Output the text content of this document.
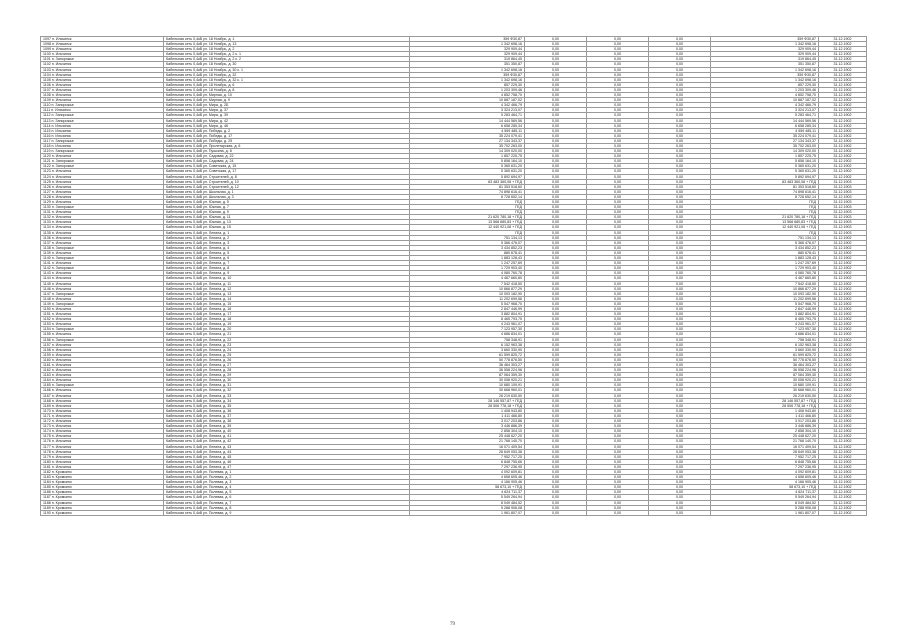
1097 п. Ильчинск	Кабельная сеть 0,4кВ ул. 18 Ноябрь, д. 1	359 Ф30,87	0,00	0,00	0,00	359 Ф30,87	31.12.1902
1098 п. Ильчинск	Кабельная сеть 0,4кВ ул. 18 Ноябрь, д. 13	1 342 698,16	0,00	0,00	0,00	1 342 698,16	31.12.1902
1099 п. Ильчинск	Кабельная сеть 0,4кВ ул. 18 Ноябрь, д. 2	329 909,44	0,00	0,00	0,00	329 909,44	31.12.1902
1100 п. Ильчинск	Кабельная сеть 0,4кВ ул. 18 Ноябрь, д. 2 к. 1	329 909,44	0,00	0,00	0,00	329 909,44	31.12.1902
1101 п. Запорожье	Кабельная сеть 0,4кВ ул. 18 Ноябрь, д. 2 к. 2	319 864,45	0,00	0,00	0,00	319 864,45	31.12.1902
1102 п. Ильчинск	Кабельная сеть 0,4кВ ул. 18 Ноябрь, д. 30	351 350,87	0,00	0,00	0,00	351 350,87	31.12.1902
1103 п. Ильчинск	Кабельная сеть 0,4кВ ул. 18 Ноябрь, д. 30 к. 1	1 342 698,16	0,00	0,00	0,00	1 342 698,16	31.12.1902
1104 п. Ильчинск	Кабельная сеть 0,4кВ ул. 18 Ноябрь, д. 32	359 Ф30,87	0,00	0,00	0,00	359 Ф30,87	31.12.1902
1105 п. Ильчинск	Кабельная сеть 0,4кВ ул. 18 Ноябрь, д. 32 к. 1	1 342 698,16	0,00	0,00	0,00	1 342 698,16	31.12.1902
1106 п. Ильчинск	Кабельная сеть 0,4кВ ул. 18 Ноябрь, д. 6	857 229,30	0,00	0,00	0,00	857 229,30	31.12.1902
1107 п. Ильчинск	Кабельная сеть 0,4кВ ул. 18 Ноябрь, д. 8	1 203 309,46	0,00	0,00	0,00	1 203 309,46	31.12.1902
1108 п. Ильчинск	Кабельная сеть 0,4кВ ул. Мирная, д. 10	4 852 758,70	0,00	0,00	0,00	4 852 758,70	31.12.1902
1109 п. Ильчинск	Кабельная сеть 0,4кВ ул. Мирная, д. 9	10 887 187,02	0,00	0,00	0,00	10 887 187,02	31.12.1902
1110 п. Запорожье	Кабельная сеть 0,4кВ ул. Мира, д. 2Б	4 342 466,79	0,00	0,00	0,00	4 342 466,79	31.12.1902
1111 п. Ильчинск	Кабельная сеть 0,4кВ ул. Мира, д. 37	3 324 213,07	0,00	0,00	0,00	3 324 213,07	31.12.1902
1112 п. Запорожье	Кабельная сеть 0,4кВ ул. Мира, д. 39	5 283 464,71	0,00	0,00	0,00	5 283 464,71	31.12.1902
1113 п. Запорожье	Кабельная сеть 0,4кВ ул. Мира, д. 42	14 444 569,56	0,00	0,00	0,00	14 444 569,56	31.12.1902
1114 п. Ильчинск	Кабельная сеть 0,4кВ ул. Мира, д. 46	6 658 285,34	0,00	0,00	0,00	6 658 285,34	31.12.1902
1115 п. Ильчинск	Кабельная сеть 0,4кВ ул. Победы, д. 2	4 559 485,11	0,00	0,00	0,00	4 559 485,11	31.12.1902
1116 п. Ильчинск	Кабельная сеть 0,4кВ ул. Победы, д. 17	35 224 079,41	0,00	0,00	0,00	35 224 079,41	31.12.1902
1117 п. Запорожье	Кабельная сеть 0,4кВ ул. Победы, д. 25	27 134 343,37	0,00	0,00	0,00	27 134 343,37	31.12.1902
1118 п. Ильчинск	Кабельная сеть 0,4кВ ул. Пролетарская, д. 6	35 702 263,00	0,00	0,00	0,00	35 702 263,00	31.12.1902
1119 п. Запорожье	Кабельная сеть 0,4кВ ул. Пушкина, д. 8	14 309 020,00	0,00	0,00	0,00	14 309 020,00	31.12.1902
1120 п. Ильчинск	Кабельная сеть 0,4кВ ул. Садовая, д. 22	1 857 225,75	0,00	0,00	0,00	1 857 225,75	31.12.1902
1121 п. Запорожье	Кабельная сеть 0,4кВ ул. Садовая, д. 24	5 858 164,10	0,00	0,00	0,00	5 858 164,10	31.12.1902
1122 п. Запорожье	Кабельная сеть 0,4кВ ул. Советская, д. 15	5 365 631,20	0,00	0,00	0,00	5 365 631,20	31.12.1902
1123 п. Ильчинск	Кабельная сеть 0,4кВ ул. Советская, д. 17	5 365 631,20	0,00	0,00	0,00	5 365 631,20	31.12.1902
1124 п. Ильчинск	Кабельная сеть 0,4кВ ул. Строителей, д. 8	5 892 694,97	0,00	0,00	0,00	5 892 694,97	31.12.1902
1125 п. Ильчинск	Кабельная сеть 0,4кВ ул. Строителей, д. 10	83 483 360,08 + ГЕД	0,00	0,00	0,00	83 483 360,08 + ГЕД	31.12.1903
1126 п. Ильчинск	Кабельная сеть 0,4кВ ул. Строителей, д. 12	81 353 518,60	0,00	0,00	0,00	81 353 518,60	31.12.1903
1127 п. Ильчинск	Кабельная сеть 0,4кВ ул. Школьная, д. 1	74 898 616,41	0,00	0,00	0,00	74 898 616,41	31.12.1903
1128 п. Ильчинск	Кабельная сеть 0,4кВ ул. Школьная, д. 3	8 728 652,14	0,00	0,00	0,00	8 728 652,14	31.12.1903
1129 п. Ильчинск	Кабельная сеть 0,4кВ ул. Южная, д. 5	ГЕД	0,00	0,00	0,00	ГЕД	31.12.1903
1130 п. Запорожье	Кабельная сеть 0,4кВ ул. Южная, д. 7	ГЕД	0,00	0,00	0,00	ГЕД	31.12.1903
1131 п. Ильчинск	Кабельная сеть 0,4кВ ул. Южная, д. 9	ГЕД	0,00	0,00	0,00	ГЕД	31.12.1903
1132 п. Ильчинск	Кабельная сеть 0,4кВ ул. Южная, д. 11	21 620 780,18 + ГЕД	0,00	0,00	0,00	21 620 780,18 + ГЕД	31.12.1903
1133 п. Ильчинск	Кабельная сеть 0,4кВ ул. Южная, д. 13	13 568 680,83 + ГЕД	0,00	0,00	0,00	13 568 680,83 + ГЕД	31.12.1903
1134 п. Ильчинск	Кабельная сеть 0,4кВ ул. Южная, д. 15	12 440 921,08 + ГЕД	0,00	0,00	0,00	12 440 921,08 + ГЕД	31.12.1903
1135 п. Ильчинск	Кабельная сеть 0,4кВ ул. Ленина, д. 1	ГЕД	0,00	0,00	0,00	ГЕД	31.12.1903
1136 п. Ильчинск	Кабельная сеть 0,4кВ ул. Ленина, д. 2	751 134,13	0,00	0,00	0,00	751 134,13	31.12.1902
1137 п. Ильчинск	Кабельная сеть 0,4кВ ул. Ленина, д. 3	5 366 476,07	0,00	0,00	0,00	5 366 476,07	31.12.1902
1138 п. Запорожье	Кабельная сеть 0,4кВ ул. Ленина, д. 4	3 434 852,23	0,00	0,00	0,00	3 434 852,23	31.12.1902
1139 п. Ильчинск	Кабельная сеть 0,4кВ ул. Ленина, д. 5	880 678,41	0,00	0,00	0,00	880 678,41	31.12.1902
1140 п. Запорожье	Кабельная сеть 0,4кВ ул. Ленина, д. 6	1 883 128,43	0,00	0,00	0,00	1 883 128,43	31.12.1902
1141 п. Ильчинск	Кабельная сеть 0,4кВ ул. Ленина, д. 7	1 247 257,69	0,00	0,00	0,00	1 247 257,69	31.12.1902
1142 п. Запорожье	Кабельная сеть 0,4кВ ул. Ленина, д. 8	1 729 903,40	0,00	0,00	0,00	1 729 903,40	31.12.1902
1143 п. Ильчинск	Кабельная сеть 0,4кВ ул. Ленина, д. 9	4 080 760,78	0,00	0,00	0,00	4 080 760,78	31.12.1902
1144 п. Ильчинск	Кабельная сеть 0,4кВ ул. Ленина, д. 10	4 467 660,80	0,00	0,00	0,00	4 467 660,80	31.12.1902
1145 п. Ильчинск	Кабельная сеть 0,4кВ ул. Ленина, д. 11	7 542 418,50	0,00	0,00	0,00	7 542 418,50	31.12.1902
1146 п. Ильчинск	Кабельная сеть 0,4кВ ул. Ленина, д. 12	10 866 877,29	0,00	0,00	0,00	10 866 877,29	31.12.1902
1147 п. Запорожье	Кабельная сеть 0,4кВ ул. Ленина, д. 13	10 093 182,90	0,00	0,00	0,00	10 093 182,90	31.12.1902
1148 п. Ильчинск	Кабельная сеть 0,4кВ ул. Ленина, д. 14	11 202 699,56	0,00	0,00	0,00	11 202 699,56	31.12.1902
1149 п. Запорожье	Кабельная сеть 0,4кВ ул. Ленина, д. 15	5 547 968,70	0,00	0,00	0,00	5 547 968,70	31.12.1902
1150 п. Ильчинск	Кабельная сеть 0,4кВ ул. Ленина, д. 16	2 847 446,99	0,00	0,00	0,00	2 847 446,99	31.12.1902
1151 п. Ильчинск	Кабельная сеть 0,4кВ ул. Ленина, д. 17	3 882 804,91	0,00	0,00	0,00	3 882 804,91	31.12.1902
1152 п. Ильчинск	Кабельная сеть 0,4кВ ул. Ленина, д. 18	8 465 793,75	0,00	0,00	0,00	8 465 793,75	31.12.1902
1153 п. Ильчинск	Кабельная сеть 0,4кВ ул. Ленина, д. 19	4 243 961,07	0,00	0,00	0,00	4 243 961,07	31.12.1902
1154 п. Запорожье	Кабельная сеть 0,4кВ ул. Ленина, д. 20	7 123 957,30	0,00	0,00	0,00	7 123 957,30	31.12.1902
1155 п. Ильчинск	Кабельная сеть 0,4кВ ул. Ленина, д. 21	4 686 834,01	0,00	0,00	0,00	4 686 834,01	31.12.1902
1156 п. Запорожье	Кабельная сеть 0,4кВ ул. Ленина, д. 22	758 348,91	0,00	0,00	0,00	758 348,91	31.12.1902
1157 п. Ильчинск	Кабельная сеть 0,4кВ ул. Ленина, д. 23	6 152 963,38	0,00	0,00	0,00	6 152 963,38	31.12.1902
1158 п. Ильчинск	Кабельная сеть 0,4кВ ул. Ленина, д. 24	3 660 330,90	0,00	0,00	0,00	3 660 330,90	31.12.1902
1159 п. Ильчинск	Кабельная сеть 0,4кВ ул. Ленина, д. 25	61 599 825,72	0,00	0,00	0,00	61 599 825,72	31.12.1902
1160 п. Ильчинск	Кабельная сеть 0,4кВ ул. Ленина, д. 26	50 778 876,50	0,00	0,00	0,00	50 778 876,50	31.12.1902
1161 п. Ильчинск	Кабельная сеть 0,4кВ ул. Ленина, д. 27	36 464 303,27	0,00	0,00	0,00	36 464 303,27	31.12.1902
1162 п. Ильчинск	Кабельная сеть 0,4кВ ул. Ленина, д. 28	36 558 224,96	0,00	0,00	0,00	36 558 224,96	31.12.1902
1163 п. Ильчинск	Кабельная сеть 0,4кВ ул. Ленина, д. 29	87 064 359,30	0,00	0,00	0,00	87 064 359,30	31.12.1902
1164 п. Ильчинск	Кабельная сеть 0,4кВ ул. Ленина, д. 30	30 058 920,21	0,00	0,00	0,00	30 058 920,21	31.12.1902
1165 п. Запорожье	Кабельная сеть 0,4кВ ул. Ленина, д. 31	10 680 109,91	0,00	0,00	0,00	10 680 109,91	31.12.1902
1166 п. Ильчинск	Кабельная сеть 0,4кВ ул. Ленина, д. 32	30 668 960,01	0,00	0,00	0,00	30 668 960,01	31.12.1902
1167 п. Ильчинск	Кабельная сеть 0,4кВ ул. Ленина, д. 33	26 219 630,50	0,00	0,00	0,00	26 219 630,50	31.12.1902
1168 п. Ильчинск	Кабельная сеть 0,4кВ ул. Ленина, д. 34	28 146 557,87 + ГЕД	0,00	0,00	0,00	28 146 557,87 + ГЕД	31.12.1902
1169 п. Ильчинск	Кабельная сеть 0,4кВ ул. Ленина, д. 35	28 506 778,18 + ГЕД	0,00	0,00	0,00	28 506 778,18 + ГЕД	31.12.1902
1170 п. Ильчинск	Кабельная сеть 0,4кВ ул. Ленина, д. 36	1 408 943,80	0,00	0,00	0,00	1 408 943,80	31.12.1902
1171 п. Ильчинск	Кабельная сеть 0,4кВ ул. Ленина, д. 37	1 411 466,80	0,00	0,00	0,00	1 411 466,80	31.12.1902
1172 п. Ильчинск	Кабельная сеть 0,4кВ ул. Ленина, д. 38	3 017 203,86	0,00	0,00	0,00	3 017 203,86	31.12.1902
1173 п. Ильчинск	Кабельная сеть 0,4кВ ул. Ленина, д. 39	3 446 886,39	0,00	0,00	0,00	3 446 886,39	31.12.1902
1174 п. Ильчинск	Кабельная сеть 0,4кВ ул. Ленина, д. 40	2 858 304,10	0,00	0,00	0,00	2 858 304,10	31.12.1902
1175 п. Ильчинск	Кабельная сеть 0,4кВ ул. Ленина, д. 41	25 448 627,20	0,00	0,00	0,00	25 448 627,20	31.12.1902
1176 п. Ильчинск	Кабельная сеть 0,4кВ ул. Ленина, д. 42	21 768 140,70	0,00	0,00	0,00	21 768 140,70	31.12.1902
1177 п. Ильчинск	Кабельная сеть 0,4кВ ул. Ленина, д. 43	16 071 409,54	0,00	0,00	0,00	16 071 409,54	31.12.1902
1178 п. Ильчинск	Кабельная сеть 0,4кВ ул. Ленина, д. 44	28 649 053,38	0,00	0,00	0,00	28 649 053,38	31.12.1902
1179 п. Ильчинск	Кабельная сеть 0,4кВ ул. Ленина, д. 45	7 952 717,25	0,00	0,00	0,00	7 952 717,25	31.12.1902
1180 п. Ильчинск	Кабельная сеть 0,4кВ ул. Ленина, д. 46	6 848 755,66	0,00	0,00	0,00	6 848 755,66	31.12.1902
1181 п. Ильчинск	Кабельная сеть 0,4кВ ул. Ленина, д. 47	7 297 236,95	0,00	0,00	0,00	7 297 236,95	31.12.1902
1182 п. Кромкино	Кабельная сеть 0,4кВ ул. Полевая, д. 1	4 092 609,81	0,00	0,00	0,00	4 092 609,81	31.12.1902
1183 п. Кромкино	Кабельная сеть 0,4кВ ул. Полевая, д. 2	4 658 605,46	0,00	0,00	0,00	4 658 605,46	31.12.1902
1184 п. Кромкино	Кабельная сеть 0,4кВ ул. Полевая, д. 3	4 166 905,46	0,00	0,00	0,00	4 166 905,46	31.12.1902
1185 п. Кромкино	Кабельная сеть 0,4кВ ул. Полевая, д. 4	58 673,10 + ГЕД	0,00	0,00	0,00	58 673,10 + ГЕД	31.12.1902
1186 п. Кромкино	Кабельная сеть 0,4кВ ул. Полевая, д. 5	4 624 711,37	0,00	0,00	0,00	4 624 711,37	31.12.1902
1187 п. Кромкино	Кабельная сеть 0,4кВ ул. Полевая, д. 6	5 549 264,94	0,00	0,00	0,00	5 549 264,94	31.12.1902
1188 п. Кромкино	Кабельная сеть 0,4кВ ул. Полевая, д. 7	8 049 484,52	0,00	0,00	0,00	8 049 484,52	31.12.1902
1189 п. Кромкино	Кабельная сеть 0,4кВ ул. Полевая, д. 8	5 288 906,08	0,00	0,00	0,00	5 288 906,08	31.12.1902
1190 п. Кромкино	Кабельная сеть 0,4кВ ул. Полевая, д. 9	1 961 807,07	0,00	0,00	0,00	1 961 807,07	31.12.1902
79
